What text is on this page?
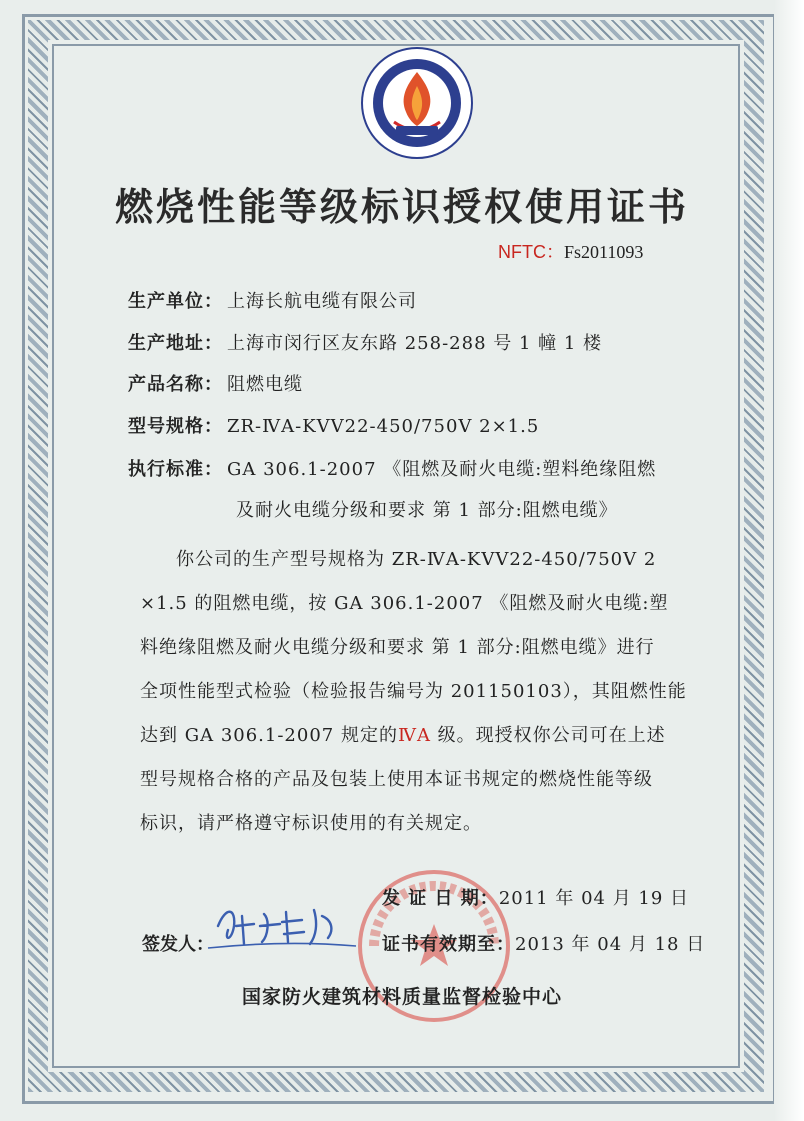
燃烧性能等级标识授权使用证书
NFTC：Fs2011093
生产单位： 上海长航电缆有限公司
生产地址： 上海市闵行区友东路 258-288 号 1 幢 1 楼
产品名称： 阻燃电缆
型号规格： ZR-ⅣA-KVV22-450/750V 2×1.5
执行标准： GA 306.1-2007 《阻燃及耐火电缆:塑料绝缘阻燃
及耐火电缆分级和要求 第 1 部分:阻燃电缆》

你公司的生产型号规格为 ZR-ⅣA-KVV22-450/750V 2

×1.5 的阻燃电缆，按 GA 306.1-2007 《阻燃及耐火电缆:塑

料绝缘阻燃及耐火电缆分级和要求 第 1 部分:阻燃电缆》进行

全项性能型式检验（检验报告编号为 201150103），其阻燃性能

达到 GA 306.1-2007 规定的ⅣA 级。现授权你公司可在上述

型号规格合格的产品及包装上使用本证书规定的燃烧性能等级

标识，请严格遵守标识使用的有关规定。

发 证 日 期：2011 年 04 月 19 日
证书有效期至：2013 年 04 月 18 日
签发人：
国家防火建筑材料质量监督检验中心
